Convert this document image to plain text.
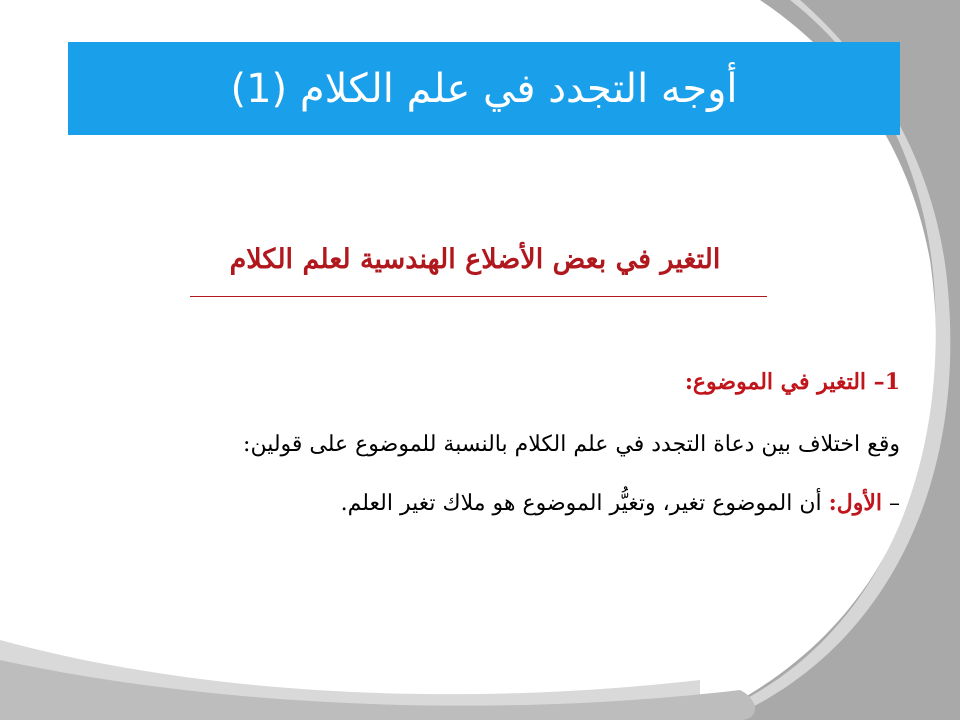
أوجه التجدد في علم الكلام (1)
التغير في بعض الأضلاع الهندسية لعلم الكلام
1– التغير في الموضوع:
وقع اختلاف بين دعاة التجدد في علم الكلام بالنسبة للموضوع على قولين:
– الأول: أن الموضوع تغير، وتغيُّر الموضوع هو ملاك تغير العلم.
